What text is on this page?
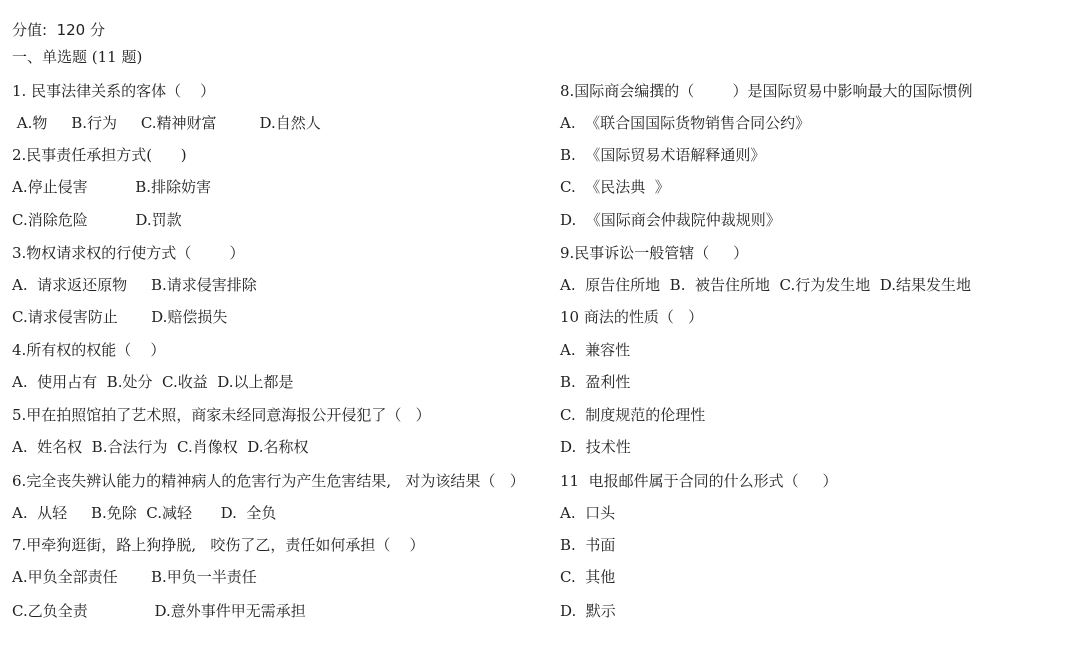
分值:  120 分
一、单选题 (11 题)
1. 民事法律关系的客体（    ）
A.物     B.行为     C.精神财富         D.自然人
2.民事责任承担方式(      )
A.停止侵害          B.排除妨害
C.消除危险          D.罚款
3.物权请求权的行使方式（        ）
A.  请求返还原物     B.请求侵害排除
C.请求侵害防止       D.赔偿损失
4.所有权的权能（    ）
A.  使用占有  B.处分  C.收益  D.以上都是
5.甲在拍照馆拍了艺术照，商家未经同意海报公开侵犯了（   ）
A.  姓名权  B.合法行为  C.肖像权  D.名称权
6.完全丧失辨认能力的精神病人的危害行为产生危害结果,   对为该结果（   ）
A.  从轻     B.免除  C.减轻      D.  全负
7.甲牵狗逛街，路上狗挣脱,   咬伤了乙，责任如何承担（    ）
A.甲负全部责任       B.甲负一半责任
C.乙负全责              D.意外事件甲无需承担
8.国际商会编撰的（        ）是国际贸易中影响最大的国际惯例
A.  《联合国国际货物销售合同公约》
B.  《国际贸易术语解释通则》
C.  《民法典  》
D.  《国际商会仲裁院仲裁规则》
9.民事诉讼一般管辖（     ）
A.  原告住所地  B.  被告住所地  C.行为发生地  D.结果发生地
10 商法的性质（   ）
A.  兼容性
B.  盈利性
C.  制度规范的伦理性
D.  技术性
11  电报邮件属于合同的什么形式（     ）
A.  口头
B.  书面
C.  其他
D.  默示
